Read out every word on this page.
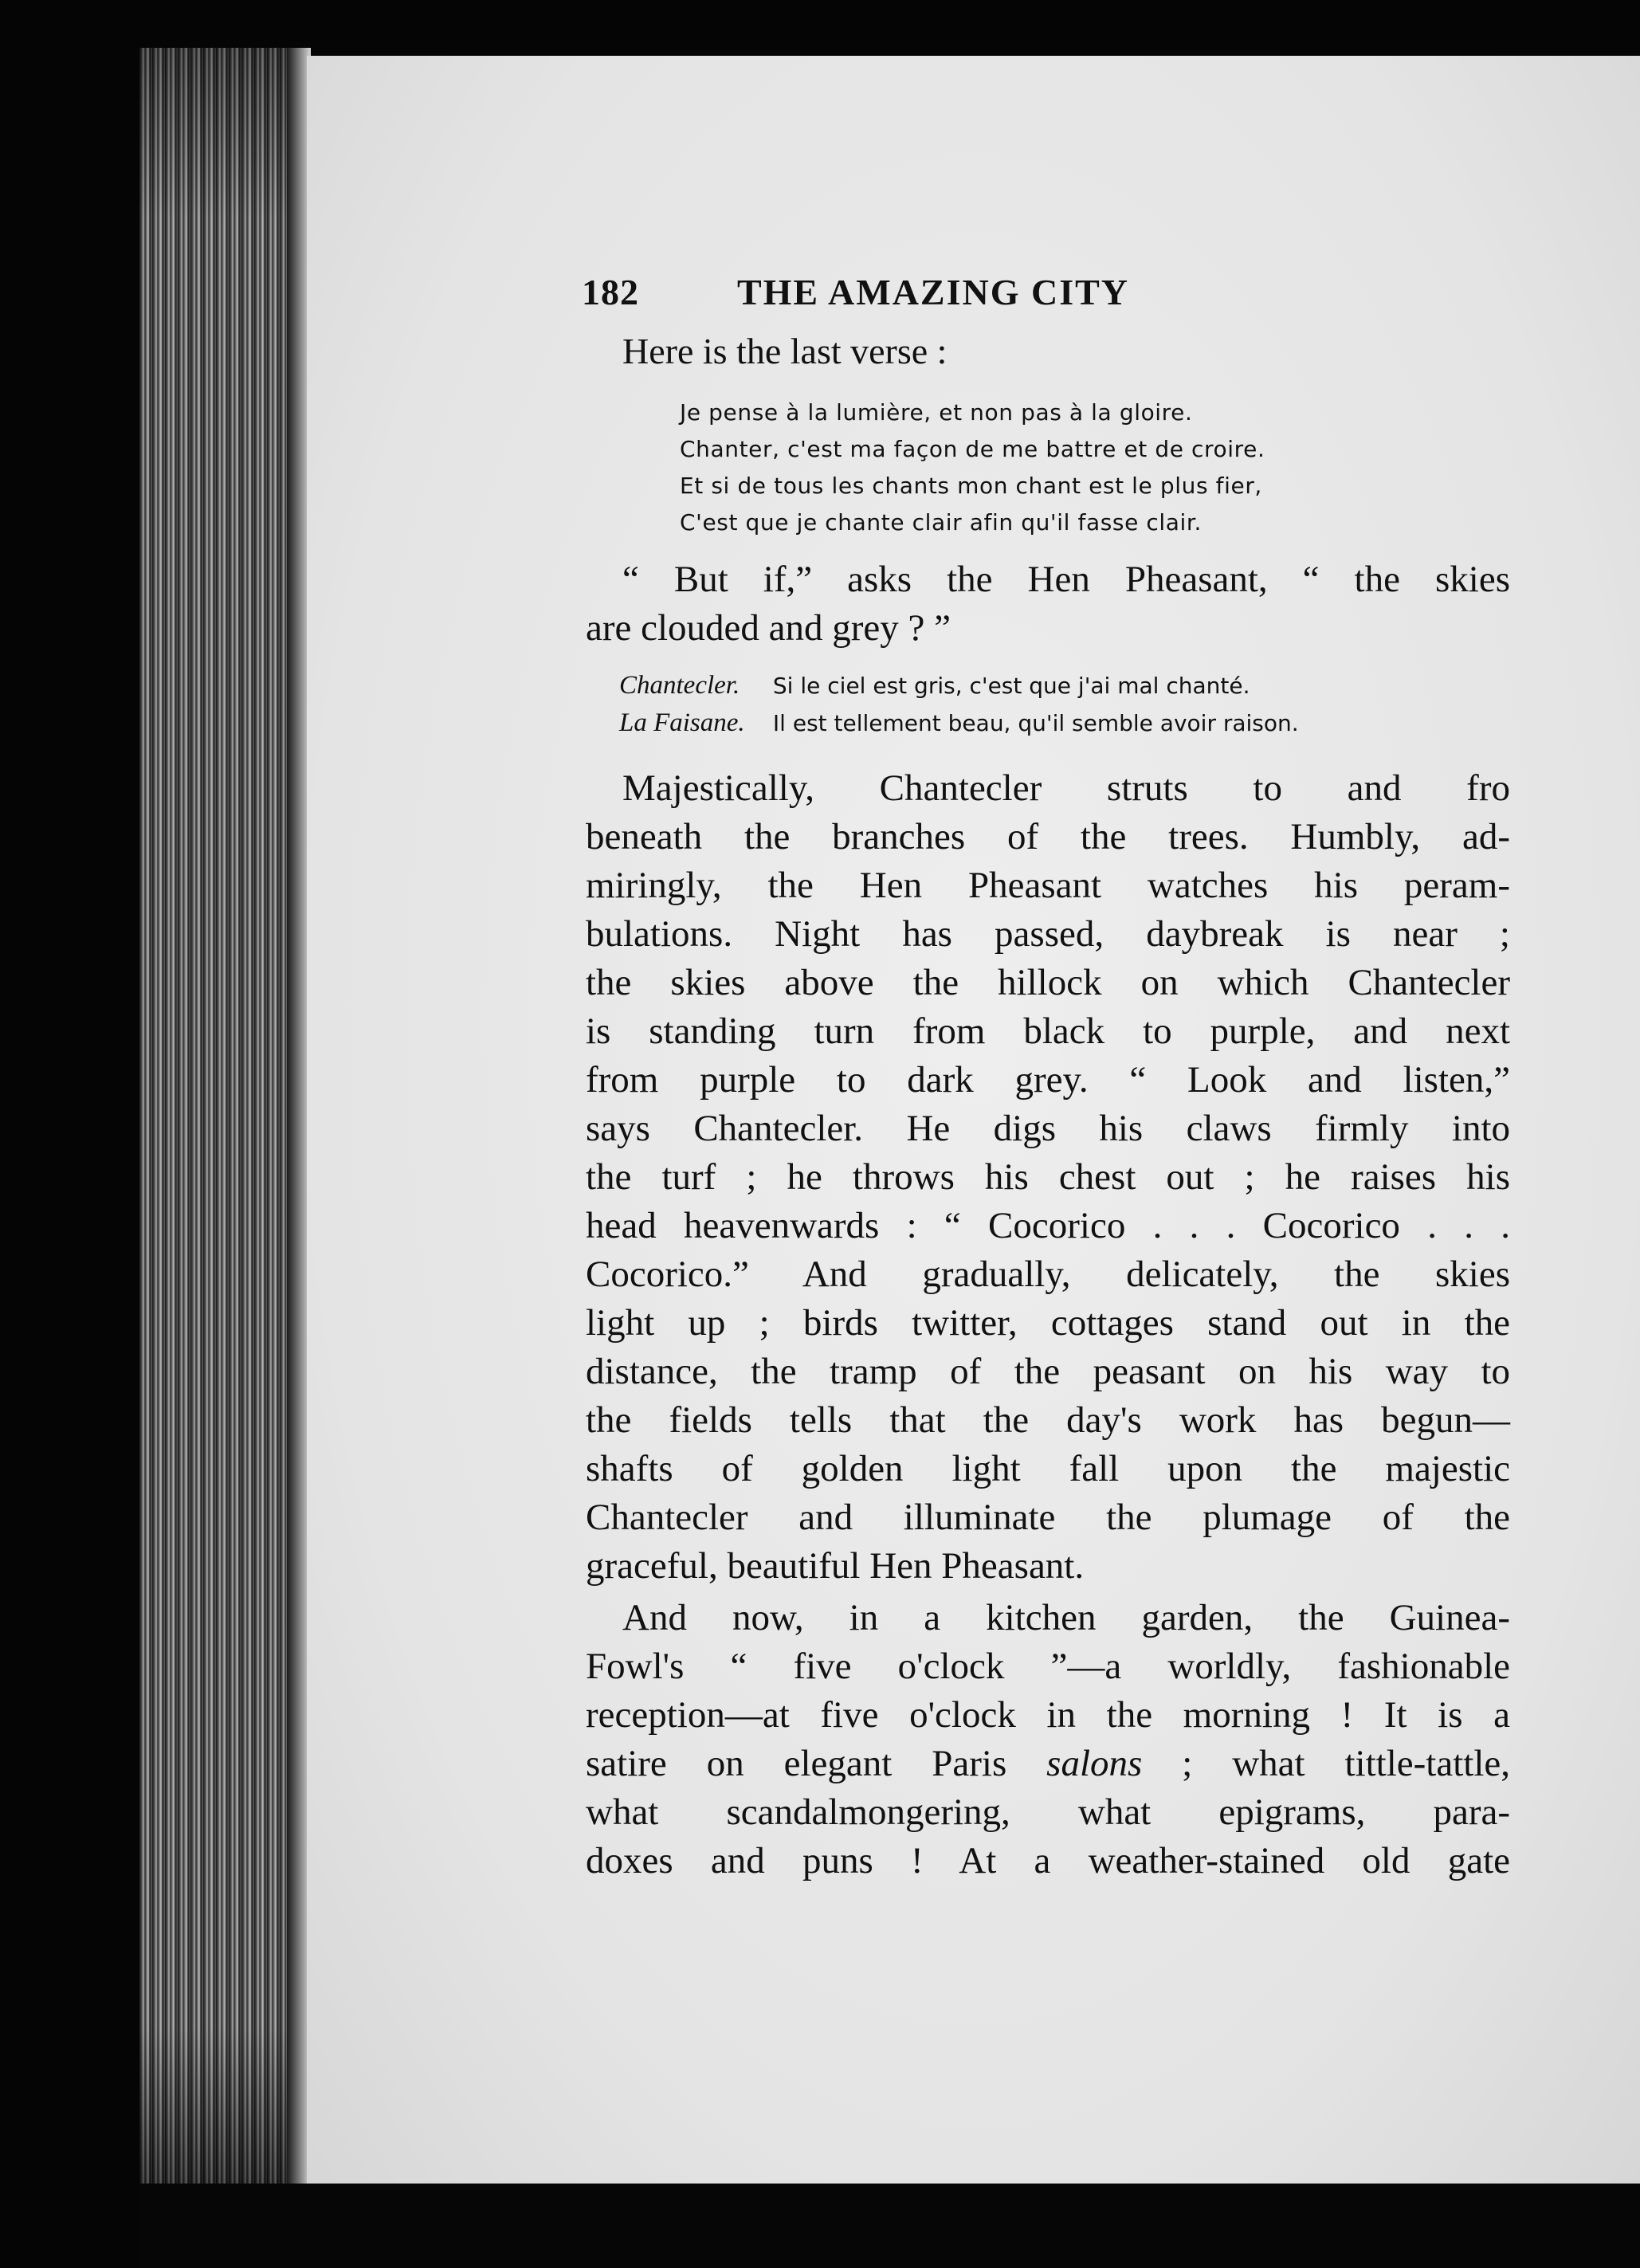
182	THE AMAZING CITY
Here is the last verse :
Je pense à la lumière, et non pas à la gloire.
Chanter, c'est ma façon de me battre et de croire.
Et si de tous les chants mon chant est le plus fier,
C'est que je chante clair afin qu'il fasse clair.
“ But if,” asks the Hen Pheasant, “ the skies
are clouded and grey ? ”
Chantecler. Si le ciel est gris, c'est que j'ai mal chanté.
La Faisane. Il est tellement beau, qu'il semble avoir raison.
Majestically, Chantecler struts to and fro
beneath the branches of the trees. Humbly, ad-
miringly, the Hen Pheasant watches his peram-
bulations. Night has passed, daybreak is near ;
the skies above the hillock on which Chantecler
is standing turn from black to purple, and next
from purple to dark grey. “ Look and listen,”
says Chantecler. He digs his claws firmly into
the turf ; he throws his chest out ; he raises his
head heavenwards : “ Cocorico . . . Cocorico . . .
Cocorico.” And gradually, delicately, the skies
light up ; birds twitter, cottages stand out in the
distance, the tramp of the peasant on his way to
the fields tells that the day's work has begun—
shafts of golden light fall upon the majestic
Chantecler and illuminate the plumage of the
graceful, beautiful Hen Pheasant.
And now, in a kitchen garden, the Guinea-
Fowl's “ five o'clock ”—a worldly, fashionable
reception—at five o'clock in the morning ! It is a
satire on elegant Paris salons ; what tittle-tattle,
what scandalmongering, what epigrams, para-
doxes and puns ! At a weather-stained old gate
